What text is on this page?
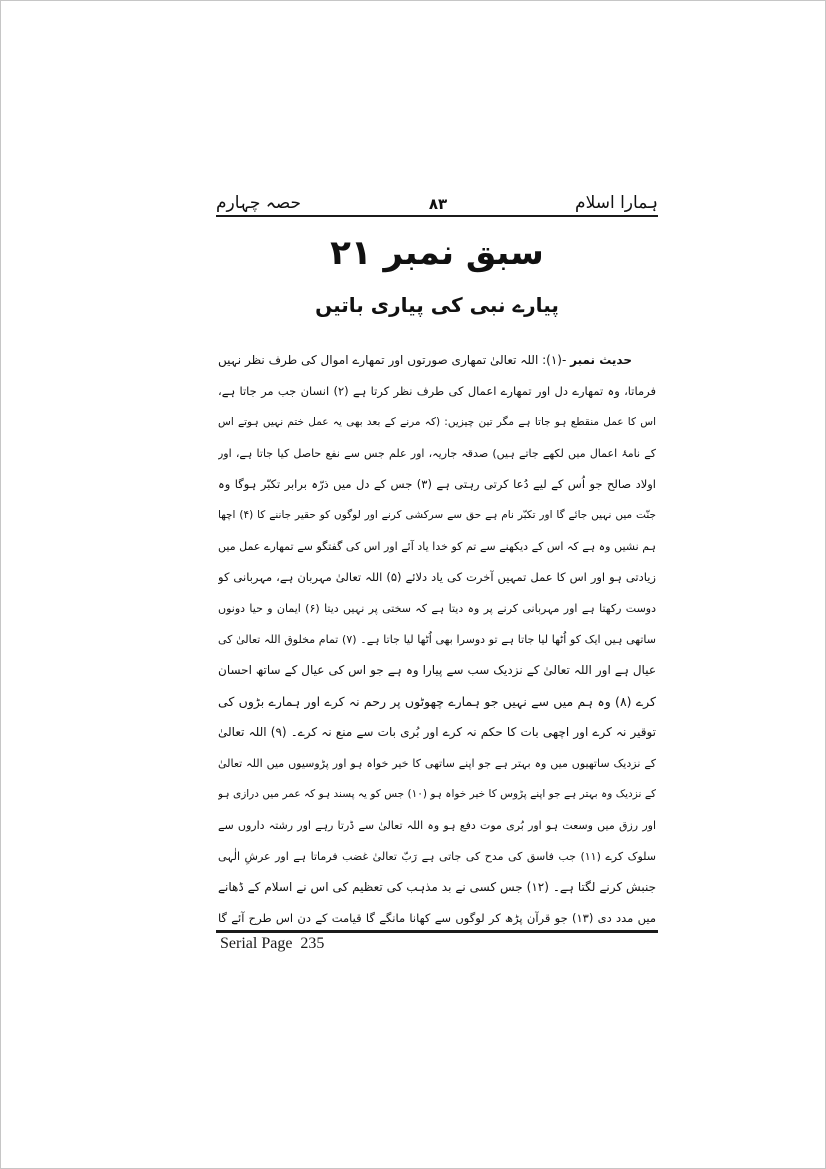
ہمارا اسلام
۸۳
حصہ چہارم
سبق نمبر ۲۱
پیارے نبی کی پیاری باتیں
حدیث نمبر -(۱): اللہ تعالیٰ تمھاری صورتوں اور تمھارے اموال کی طرف نظر نہیں
فرماتا، وہ تمھارے دل اور تمھارے اعمال کی طرف نظر کرتا ہے (۲) انسان جب مر جاتا ہے،
اس کا عمل منقطع ہو جاتا ہے مگر تین چیزیں: (کہ مرنے کے بعد بھی یہ عمل ختم نہیں ہوتے اس
کے نامۂ اعمال میں لکھے جاتے ہیں) صدقہ جاریہ، اور علم جس سے نفع حاصل کیا جاتا ہے، اور
اولاد صالح جو اُس کے لیے دُعا کرتی رہتی ہے (۳) جس کے دل میں ذرّہ برابر تکبّر ہوگا وہ
جنّت میں نہیں جائے گا اور تکبّر نام ہے حق سے سرکشی کرنے اور لوگوں کو حقیر جاننے کا (۴) اچھا
ہم نشیں وہ ہے کہ اس کے دیکھنے سے تم کو خدا یاد آئے اور اس کی گفتگو سے تمھارے عمل میں
زیادتی ہو اور اس کا عمل تمہیں آخرت کی یاد دلائے (۵) اللہ تعالیٰ مہربان ہے، مہربانی کو
دوست رکھتا ہے اور مہربانی کرنے پر وہ دیتا ہے کہ سختی پر نہیں دیتا (۶) ایمان و حیا دونوں
ساتھی ہیں ایک کو اُٹھا لیا جاتا ہے تو دوسرا بھی اُٹھا لیا جاتا ہے۔ (۷) تمام مخلوق اللہ تعالیٰ کی
عیال ہے اور اللہ تعالیٰ کے نزدیک سب سے پیارا وہ ہے جو اس کی عیال کے ساتھ احسان
کرے (۸) وہ ہم میں سے نہیں جو ہمارے چھوٹوں پر رحم نہ کرے اور ہمارے بڑوں کی
توقیر نہ کرے اور اچھی بات کا حکم نہ کرے اور بُری بات سے منع نہ کرے۔ (۹) اللہ تعالیٰ
کے نزدیک ساتھیوں میں وہ بہتر ہے جو اپنے ساتھی کا خیر خواہ ہو اور پڑوسیوں میں اللہ تعالیٰ
کے نزدیک وہ بہتر ہے جو اپنے پڑوس کا خیر خواہ ہو (۱۰) جس کو یہ پسند ہو کہ عمر میں درازی ہو
اور رزق میں وسعت ہو اور بُری موت دفع ہو وہ اللہ تعالیٰ سے ڈرتا رہے اور رشتہ داروں سے
سلوک کرے (۱۱) جب فاسق کی مدح کی جاتی ہے رَبّ تعالیٰ غضب فرماتا ہے اور عرشِ الٰہی
جنبش کرنے لگتا ہے۔ (۱۲) جس کسی نے بد مذہب کی تعظیم کی اس نے اسلام کے ڈھانے
میں مدد دی (۱۳) جو قرآن پڑھ کر لوگوں سے کھانا مانگے گا قیامت کے دن اس طرح آئے گا
Serial Page  235
